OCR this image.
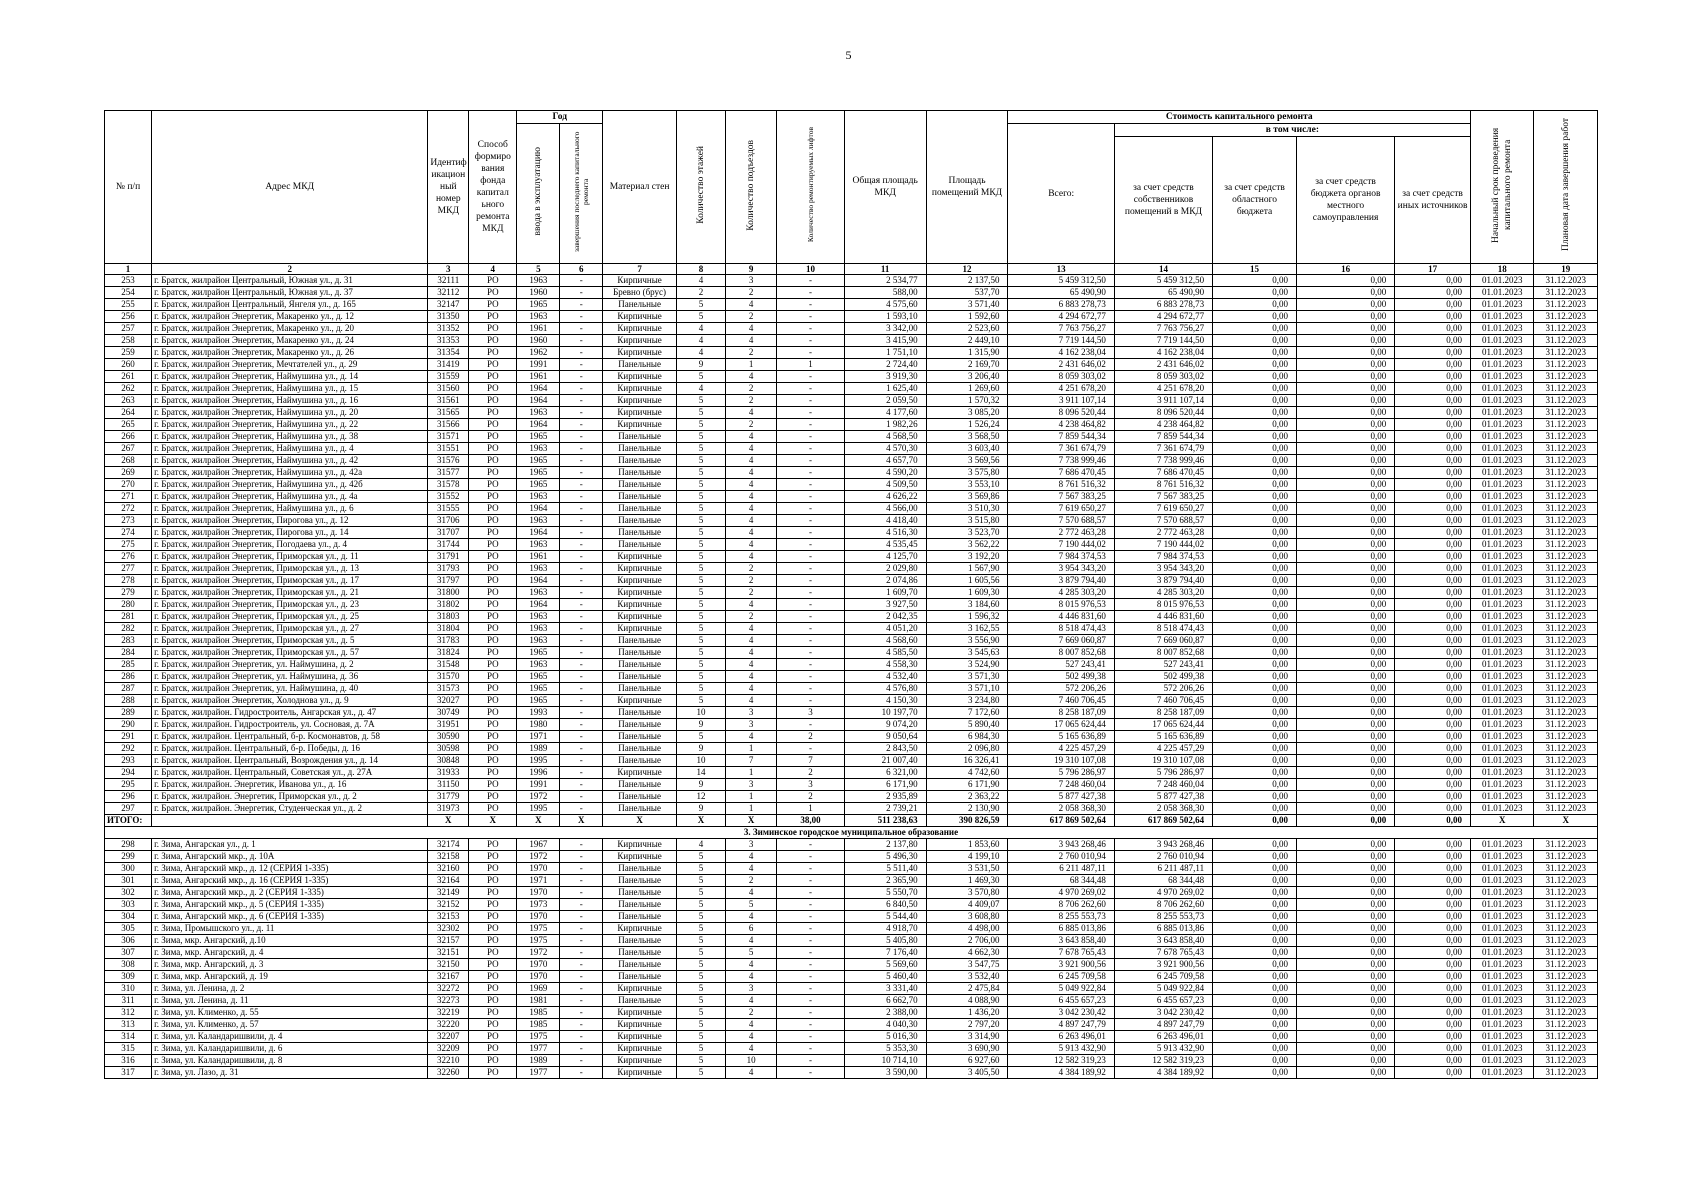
5
№ п/п	Адрес МКД	Идентиф икацион ный номер МКД	Способ формиро вания фонда капитал ьного ремонта МКД	Год		Материал стен	Количество этажей	Количество подъездов	Количество ремонтируемых лифтов	Общая площадь МКД	Площадь помещений МКД	Стоимость капитального ремонта					Начальный срок проведения капитального ремонта	Плановая дата завершения работ
				ввода в эксплуатацию	завершения последнего капитального ремонта							Всего:	в том числе:					
													за счет средств собственников помещений в МКД	за счет средств областного бюджета	за счет средств бюджета органов местного самоуправления	за счет средств иных источников		
1	2	3	4	5	6	7	8	9	10	11	12	13	14	15	16	17	18	19
253	г. Братск, жилрайон Центральный, Южная ул., д. 31	32111	РО	1963	-	Кирпичные	4	3	-	2 534,77	2 137,50	5 459 312,50	5 459 312,50	0,00	0,00	0,00	01.01.2023	31.12.2023
254	г. Братск, жилрайон Центральный, Южная ул., д. 37	32112	РО	1960	-	Бревно (брус)	2	2	-	588,00	537,70	65 490,90	65 490,90	0,00	0,00	0,00	01.01.2023	31.12.2023
255	г. Братск, жилрайон Центральный, Янгеля ул., д. 165	32147	РО	1965	-	Панельные	5	4	-	4 575,60	3 571,40	6 883 278,73	6 883 278,73	0,00	0,00	0,00	01.01.2023	31.12.2023
256	г. Братск, жилрайон Энергетик, Макаренко ул., д. 12	31350	РО	1963	-	Кирпичные	5	2	-	1 593,10	1 592,60	4 294 672,77	4 294 672,77	0,00	0,00	0,00	01.01.2023	31.12.2023
257	г. Братск, жилрайон Энергетик, Макаренко ул., д. 20	31352	РО	1961	-	Кирпичные	4	4	-	3 342,00	2 523,60	7 763 756,27	7 763 756,27	0,00	0,00	0,00	01.01.2023	31.12.2023
258	г. Братск, жилрайон Энергетик, Макаренко ул., д. 24	31353	РО	1960	-	Кирпичные	4	4	-	3 415,90	2 449,10	7 719 144,50	7 719 144,50	0,00	0,00	0,00	01.01.2023	31.12.2023
259	г. Братск, жилрайон Энергетик, Макаренко ул., д. 26	31354	РО	1962	-	Кирпичные	4	2	-	1 751,10	1 315,90	4 162 238,04	4 162 238,04	0,00	0,00	0,00	01.01.2023	31.12.2023
260	г. Братск, жилрайон Энергетик, Мечтателей ул., д. 29	31419	РО	1991	-	Панельные	9	1	1	2 724,40	2 169,70	2 431 646,02	2 431 646,02	0,00	0,00	0,00	01.01.2023	31.12.2023
261	г. Братск, жилрайон Энергетик, Наймушина ул., д. 14	31559	РО	1961	-	Кирпичные	5	4	-	3 919,30	3 206,40	8 059 303,02	8 059 303,02	0,00	0,00	0,00	01.01.2023	31.12.2023
262	г. Братск, жилрайон Энергетик, Наймушина ул., д. 15	31560	РО	1964	-	Кирпичные	4	2	-	1 625,40	1 269,60	4 251 678,20	4 251 678,20	0,00	0,00	0,00	01.01.2023	31.12.2023
263	г. Братск, жилрайон Энергетик, Наймушина ул., д. 16	31561	РО	1964	-	Кирпичные	5	2	-	2 059,50	1 570,32	3 911 107,14	3 911 107,14	0,00	0,00	0,00	01.01.2023	31.12.2023
264	г. Братск, жилрайон Энергетик, Наймушина ул., д. 20	31565	РО	1963	-	Кирпичные	5	4	-	4 177,60	3 085,20	8 096 520,44	8 096 520,44	0,00	0,00	0,00	01.01.2023	31.12.2023
265	г. Братск, жилрайон Энергетик, Наймушина ул., д. 22	31566	РО	1964	-	Кирпичные	5	2	-	1 982,26	1 526,24	4 238 464,82	4 238 464,82	0,00	0,00	0,00	01.01.2023	31.12.2023
266	г. Братск, жилрайон Энергетик, Наймушина ул., д. 38	31571	РО	1965	-	Панельные	5	4	-	4 568,50	3 568,50	7 859 544,34	7 859 544,34	0,00	0,00	0,00	01.01.2023	31.12.2023
267	г. Братск, жилрайон Энергетик, Наймушина ул., д. 4	31551	РО	1963	-	Панельные	5	4	-	4 570,30	3 603,40	7 361 674,79	7 361 674,79	0,00	0,00	0,00	01.01.2023	31.12.2023
268	г. Братск, жилрайон Энергетик, Наймушина ул., д. 42	31576	РО	1965	-	Панельные	5	4	-	4 657,70	3 569,56	7 738 999,46	7 738 999,46	0,00	0,00	0,00	01.01.2023	31.12.2023
269	г. Братск, жилрайон Энергетик, Наймушина ул., д. 42а	31577	РО	1965	-	Панельные	5	4	-	4 590,20	3 575,80	7 686 470,45	7 686 470,45	0,00	0,00	0,00	01.01.2023	31.12.2023
270	г. Братск, жилрайон Энергетик, Наймушина ул., д. 42б	31578	РО	1965	-	Панельные	5	4	-	4 509,50	3 553,10	8 761 516,32	8 761 516,32	0,00	0,00	0,00	01.01.2023	31.12.2023
271	г. Братск, жилрайон Энергетик, Наймушина ул., д. 4а	31552	РО	1963	-	Панельные	5	4	-	4 626,22	3 569,86	7 567 383,25	7 567 383,25	0,00	0,00	0,00	01.01.2023	31.12.2023
272	г. Братск, жилрайон Энергетик, Наймушина ул., д. 6	31555	РО	1964	-	Панельные	5	4	-	4 566,00	3 510,30	7 619 650,27	7 619 650,27	0,00	0,00	0,00	01.01.2023	31.12.2023
273	г. Братск, жилрайон Энергетик, Пирогова ул., д. 12	31706	РО	1963	-	Панельные	5	4	-	4 418,40	3 515,80	7 570 688,57	7 570 688,57	0,00	0,00	0,00	01.01.2023	31.12.2023
274	г. Братск, жилрайон Энергетик, Пирогова ул., д. 14	31707	РО	1964	-	Панельные	5	4	-	4 516,30	3 523,70	2 772 463,28	2 772 463,28	0,00	0,00	0,00	01.01.2023	31.12.2023
275	г. Братск, жилрайон Энергетик, Погодаева ул., д. 4	31744	РО	1963	-	Панельные	5	4	-	4 535,45	3 562,22	7 190 444,02	7 190 444,02	0,00	0,00	0,00	01.01.2023	31.12.2023
276	г. Братск, жилрайон Энергетик, Приморская ул., д. 11	31791	РО	1961	-	Кирпичные	5	4	-	4 125,70	3 192,20	7 984 374,53	7 984 374,53	0,00	0,00	0,00	01.01.2023	31.12.2023
277	г. Братск, жилрайон Энергетик, Приморская ул., д. 13	31793	РО	1963	-	Кирпичные	5	2	-	2 029,80	1 567,90	3 954 343,20	3 954 343,20	0,00	0,00	0,00	01.01.2023	31.12.2023
278	г. Братск, жилрайон Энергетик, Приморская ул., д. 17	31797	РО	1964	-	Кирпичные	5	2	-	2 074,86	1 605,56	3 879 794,40	3 879 794,40	0,00	0,00	0,00	01.01.2023	31.12.2023
279	г. Братск, жилрайон Энергетик, Приморская ул., д. 21	31800	РО	1963	-	Кирпичные	5	2	-	1 609,70	1 609,30	4 285 303,20	4 285 303,20	0,00	0,00	0,00	01.01.2023	31.12.2023
280	г. Братск, жилрайон Энергетик, Приморская ул., д. 23	31802	РО	1964	-	Кирпичные	5	4	-	3 927,50	3 184,60	8 015 976,53	8 015 976,53	0,00	0,00	0,00	01.01.2023	31.12.2023
281	г. Братск, жилрайон Энергетик, Приморская ул., д. 25	31803	РО	1963	-	Кирпичные	5	2	-	2 042,35	1 596,32	4 446 831,60	4 446 831,60	0,00	0,00	0,00	01.01.2023	31.12.2023
282	г. Братск, жилрайон Энергетик, Приморская ул., д. 27	31804	РО	1963	-	Кирпичные	5	4	-	4 051,20	3 162,55	8 518 474,43	8 518 474,43	0,00	0,00	0,00	01.01.2023	31.12.2023
283	г. Братск, жилрайон Энергетик, Приморская ул., д. 5	31783	РО	1963	-	Панельные	5	4	-	4 568,60	3 556,90	7 669 060,87	7 669 060,87	0,00	0,00	0,00	01.01.2023	31.12.2023
284	г. Братск, жилрайон Энергетик, Приморская ул., д. 57	31824	РО	1965	-	Панельные	5	4	-	4 585,50	3 545,63	8 007 852,68	8 007 852,68	0,00	0,00	0,00	01.01.2023	31.12.2023
285	г. Братск, жилрайон Энергетик, ул. Наймушина, д. 2	31548	РО	1963	-	Панельные	5	4	-	4 558,30	3 524,90	527 243,41	527 243,41	0,00	0,00	0,00	01.01.2023	31.12.2023
286	г. Братск, жилрайон Энергетик, ул. Наймушина, д. 36	31570	РО	1965	-	Панельные	5	4	-	4 532,40	3 571,30	502 499,38	502 499,38	0,00	0,00	0,00	01.01.2023	31.12.2023
287	г. Братск, жилрайон Энергетик, ул. Наймушина, д. 40	31573	РО	1965	-	Панельные	5	4	-	4 576,80	3 571,10	572 206,26	572 206,26	0,00	0,00	0,00	01.01.2023	31.12.2023
288	г. Братск, жилрайон Энергетик, Холоднова ул., д. 9	32027	РО	1965	-	Кирпичные	5	4	-	4 150,30	3 234,80	7 460 706,45	7 460 706,45	0,00	0,00	0,00	01.01.2023	31.12.2023
289	г. Братск, жилрайон. Гидростроитель, Ангарская ул., д. 47	30749	РО	1993	-	Панельные	10	3	3	10 197,70	7 172,60	8 258 187,09	8 258 187,09	0,00	0,00	0,00	01.01.2023	31.12.2023
290	г. Братск, жилрайон. Гидростроитель, ул. Сосновая, д. 7А	31951	РО	1980	-	Панельные	9	3	-	9 074,20	5 890,40	17 065 624,44	17 065 624,44	0,00	0,00	0,00	01.01.2023	31.12.2023
291	г. Братск, жилрайон. Центральный, б-р. Космонавтов, д. 58	30590	РО	1971	-	Панельные	5	4	2	9 050,64	6 984,30	5 165 636,89	5 165 636,89	0,00	0,00	0,00	01.01.2023	31.12.2023
292	г. Братск, жилрайон. Центральный, б-р. Победы, д. 16	30598	РО	1989	-	Панельные	9	1	-	2 843,50	2 096,80	4 225 457,29	4 225 457,29	0,00	0,00	0,00	01.01.2023	31.12.2023
293	г. Братск, жилрайон. Центральный, Возрождения ул., д. 14	30848	РО	1995	-	Панельные	10	7	7	21 007,40	16 326,41	19 310 107,08	19 310 107,08	0,00	0,00	0,00	01.01.2023	31.12.2023
294	г. Братск, жилрайон. Центральный, Советская ул., д. 27А	31933	РО	1996	-	Кирпичные	14	1	2	6 321,00	4 742,60	5 796 286,97	5 796 286,97	0,00	0,00	0,00	01.01.2023	31.12.2023
295	г. Братск, жилрайон. Энергетик, Иванова ул., д. 16	31150	РО	1991	-	Панельные	9	3	3	6 171,90	6 171,90	7 248 460,04	7 248 460,04	0,00	0,00	0,00	01.01.2023	31.12.2023
296	г. Братск, жилрайон. Энергетик, Приморская ул., д. 2	31779	РО	1972	-	Панельные	12	1	2	2 935,89	2 363,22	5 877 427,38	5 877 427,38	0,00	0,00	0,00	01.01.2023	31.12.2023
297	г. Братск, жилрайон. Энергетик, Студенческая ул., д. 2	31973	РО	1995	-	Панельные	9	1	1	2 739,21	2 130,90	2 058 368,30	2 058 368,30	0,00	0,00	0,00	01.01.2023	31.12.2023
ИТОГО:		X	X	X	X	X	X	X	38,00	511 238,63	390 826,59	617 869 502,64	617 869 502,64	0,00	0,00	0,00	X	X
3. Зиминское городское муниципальное образование																		
298	г. Зима, Ангарская ул., д. 1	32174	РО	1967	-	Кирпичные	4	3	-	2 137,80	1 853,60	3 943 268,46	3 943 268,46	0,00	0,00	0,00	01.01.2023	31.12.2023
299	г. Зима, Ангарский мкр., д. 10А	32158	РО	1972	-	Кирпичные	5	4	-	5 496,30	4 199,10	2 760 010,94	2 760 010,94	0,00	0,00	0,00	01.01.2023	31.12.2023
300	г. Зима, Ангарский мкр., д. 12 (СЕРИЯ 1-335)	32160	РО	1970	-	Панельные	5	4	-	5 511,40	3 531,50	6 211 487,11	6 211 487,11	0,00	0,00	0,00	01.01.2023	31.12.2023
301	г. Зима, Ангарский мкр., д. 16 (СЕРИЯ 1-335)	32164	РО	1971	-	Панельные	5	2	-	2 365,90	1 469,30	68 344,48	68 344,48	0,00	0,00	0,00	01.01.2023	31.12.2023
302	г. Зима, Ангарский мкр., д. 2 (СЕРИЯ 1-335)	32149	РО	1970	-	Панельные	5	4	-	5 550,70	3 570,80	4 970 269,02	4 970 269,02	0,00	0,00	0,00	01.01.2023	31.12.2023
303	г. Зима, Ангарский мкр., д. 5 (СЕРИЯ 1-335)	32152	РО	1973	-	Панельные	5	5	-	6 840,50	4 409,07	8 706 262,60	8 706 262,60	0,00	0,00	0,00	01.01.2023	31.12.2023
304	г. Зима, Ангарский мкр., д. 6 (СЕРИЯ 1-335)	32153	РО	1970	-	Панельные	5	4	-	5 544,40	3 608,80	8 255 553,73	8 255 553,73	0,00	0,00	0,00	01.01.2023	31.12.2023
305	г. Зима, Промышского ул., д. 11	32302	РО	1975	-	Кирпичные	5	6	-	4 918,70	4 498,00	6 885 013,86	6 885 013,86	0,00	0,00	0,00	01.01.2023	31.12.2023
306	г. Зима, мкр. Ангарский, д.10	32157	РО	1975	-	Панельные	5	4	-	5 405,80	2 706,00	3 643 858,40	3 643 858,40	0,00	0,00	0,00	01.01.2023	31.12.2023
307	г. Зима, мкр. Ангарский, д. 4	32151	РО	1972	-	Панельные	5	5	-	7 176,40	4 662,30	7 678 765,43	7 678 765,43	0,00	0,00	0,00	01.01.2023	31.12.2023
308	г. Зима, мкр. Ангарский, д. 3	32150	РО	1970	-	Панельные	5	4	-	5 569,60	3 547,75	3 921 900,56	3 921 900,56	0,00	0,00	0,00	01.01.2023	31.12.2023
309	г. Зима, мкр. Ангарский, д. 19	32167	РО	1970	-	Панельные	5	4	-	5 460,40	3 532,40	6 245 709,58	6 245 709,58	0,00	0,00	0,00	01.01.2023	31.12.2023
310	г. Зима, ул. Ленина, д. 2	32272	РО	1969	-	Кирпичные	5	3	-	3 331,40	2 475,84	5 049 922,84	5 049 922,84	0,00	0,00	0,00	01.01.2023	31.12.2023
311	г. Зима, ул. Ленина, д. 11	32273	РО	1981	-	Панельные	5	4	-	6 662,70	4 088,90	6 455 657,23	6 455 657,23	0,00	0,00	0,00	01.01.2023	31.12.2023
312	г. Зима, ул. Клименко, д. 55	32219	РО	1985	-	Кирпичные	5	2	-	2 388,00	1 436,20	3 042 230,42	3 042 230,42	0,00	0,00	0,00	01.01.2023	31.12.2023
313	г. Зима, ул. Клименко, д. 57	32220	РО	1985	-	Кирпичные	5	4	-	4 040,30	2 797,20	4 897 247,79	4 897 247,79	0,00	0,00	0,00	01.01.2023	31.12.2023
314	г. Зима, ул. Каландаришвили, д. 4	32207	РО	1975	-	Кирпичные	5	4	-	5 016,30	3 314,90	6 263 496,01	6 263 496,01	0,00	0,00	0,00	01.01.2023	31.12.2023
315	г. Зима, ул. Каландаришвили, д. 6	32209	РО	1977	-	Кирпичные	5	4	-	5 353,30	3 690,90	5 913 432,90	5 913 432,90	0,00	0,00	0,00	01.01.2023	31.12.2023
316	г. Зима, ул. Каландаришвили, д. 8	32210	РО	1989	-	Кирпичные	5	10	-	10 714,10	6 927,60	12 582 319,23	12 582 319,23	0,00	0,00	0,00	01.01.2023	31.12.2023
317	г. Зима, ул. Лазо, д. 31	32260	РО	1977	-	Кирпичные	5	4	-	3 590,00	3 405,50	4 384 189,92	4 384 189,92	0,00	0,00	0,00	01.01.2023	31.12.2023
